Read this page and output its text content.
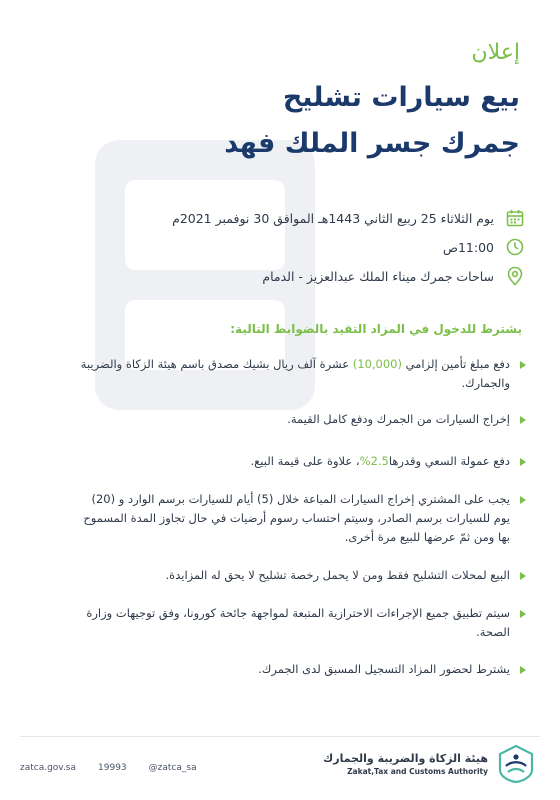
إعلان
بيع سيارات تشليح
جمرك جسر الملك فهد
يوم الثلاثاء 25 ربيع الثاني 1443هـ الموافق 30 نوفمبر 2021م
11:00ص
ساحات جمرك ميناء الملك عبدالعزيز - الدمام
يشترط للدخول في المزاد التقيد بالضوابط التالية:
دفع مبلغ تأمين إلزامي (10,000) عشرة آلف ريال بشيك مصدق باسم هيئة الزكاة والضريبة والجمارك.
إخراج السيارات من الجمرك ودفع كامل القيمة.
دفع عمولة السعي وقدرها2.5%، علاوة على قيمة البيع.
يجب على المشتري إخراج السيارات المباعة خلال (5) أيام للسيارات برسم الوارد و (20) يوم للسيارات برسم الصادر، وسيتم احتساب رسوم أرضيات في حال تجاوز المدة المسموح بها ومن ثمّ عرضها للبيع مرة أخرى.
البيع لمحلات التشليح فقط ومن لا يحمل رخصة تشليح لا يحق له المزايدة.
سيتم تطبيق جميع الإجراءات الاحترازية المتبعة لمواجهة جائحة كورونا، وفق توجيهات وزارة الصحة.
يشترط لحضور المزاد التسجيل المسبق لدى الجمرك.
هيئة الزكاة والضريبة والجمارك
Zakat,Tax and Customs Authority
zatca.gov.sa 19993 @zatca_sa
